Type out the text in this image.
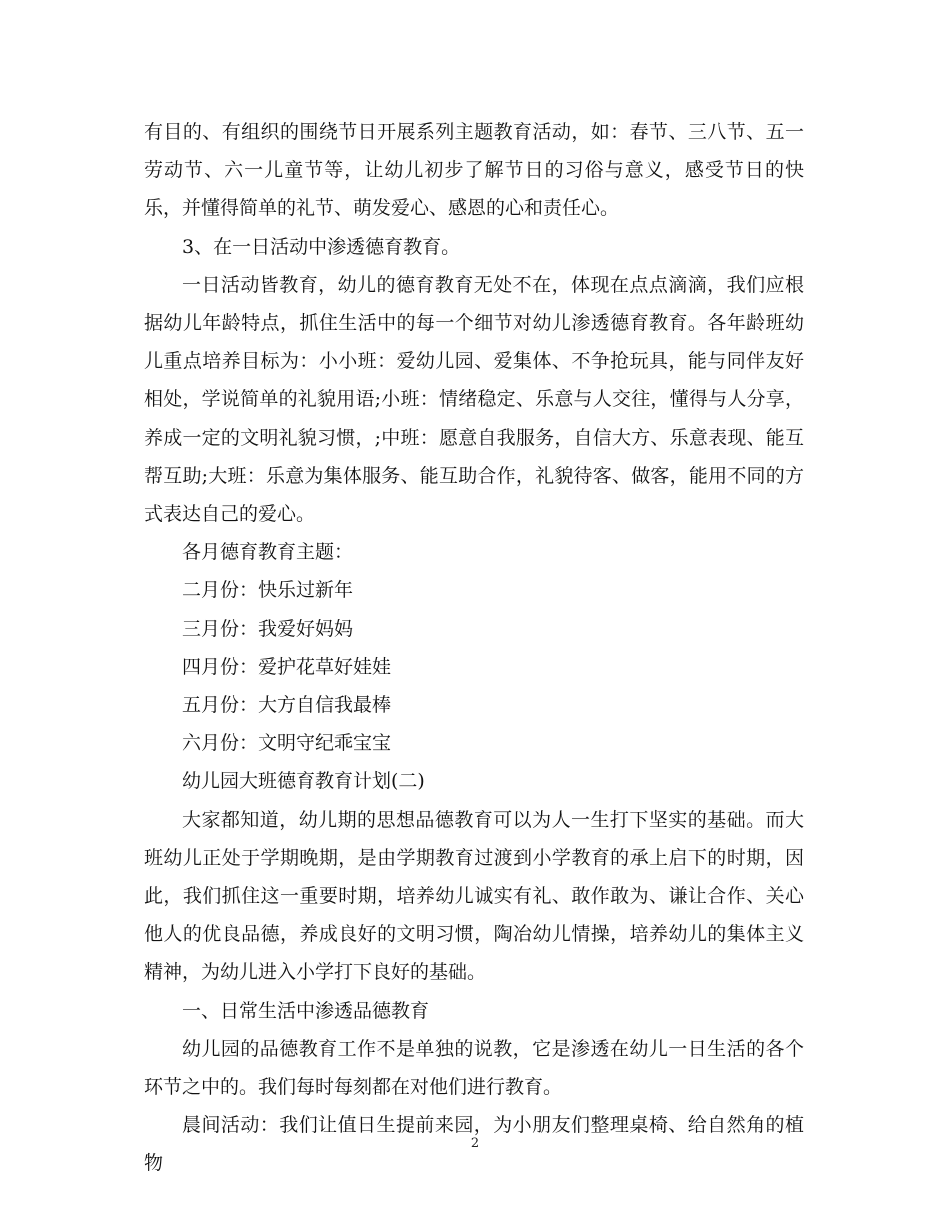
有目的、有组织的围绕节日开展系列主题教育活动，如：春节、三八节、五一劳动节、六一儿童节等，让幼儿初步了解节日的习俗与意义，感受节日的快乐，并懂得简单的礼节、萌发爱心、感恩的心和责任心。

3、在一日活动中渗透德育教育。

一日活动皆教育，幼儿的德育教育无处不在，体现在点点滴滴，我们应根据幼儿年龄特点，抓住生活中的每一个细节对幼儿渗透德育教育。各年龄班幼儿重点培养目标为：小小班：爱幼儿园、爱集体、不争抢玩具，能与同伴友好相处，学说简单的礼貌用语;小班：情绪稳定、乐意与人交往，懂得与人分享，养成一定的文明礼貌习惯，;中班：愿意自我服务，自信大方、乐意表现、能互帮互助;大班：乐意为集体服务、能互助合作，礼貌待客、做客，能用不同的方式表达自己的爱心。

各月德育教育主题：

二月份：快乐过新年

三月份：我爱好妈妈

四月份：爱护花草好娃娃

五月份：大方自信我最棒

六月份：文明守纪乖宝宝

幼儿园大班德育教育计划(二)

大家都知道，幼儿期的思想品德教育可以为人一生打下坚实的基础。而大班幼儿正处于学期晚期，是由学期教育过渡到小学教育的承上启下的时期，因此，我们抓住这一重要时期，培养幼儿诚实有礼、敢作敢为、谦让合作、关心他人的优良品德，养成良好的文明习惯，陶冶幼儿情操，培养幼儿的集体主义精神，为幼儿进入小学打下良好的基础。

一、日常生活中渗透品德教育

幼儿园的品德教育工作不是单独的说教，它是渗透在幼儿一日生活的各个环节之中的。我们每时每刻都在对他们进行教育。

晨间活动：我们让值日生提前来园，为小朋友们整理桌椅、给自然角的植物

2
